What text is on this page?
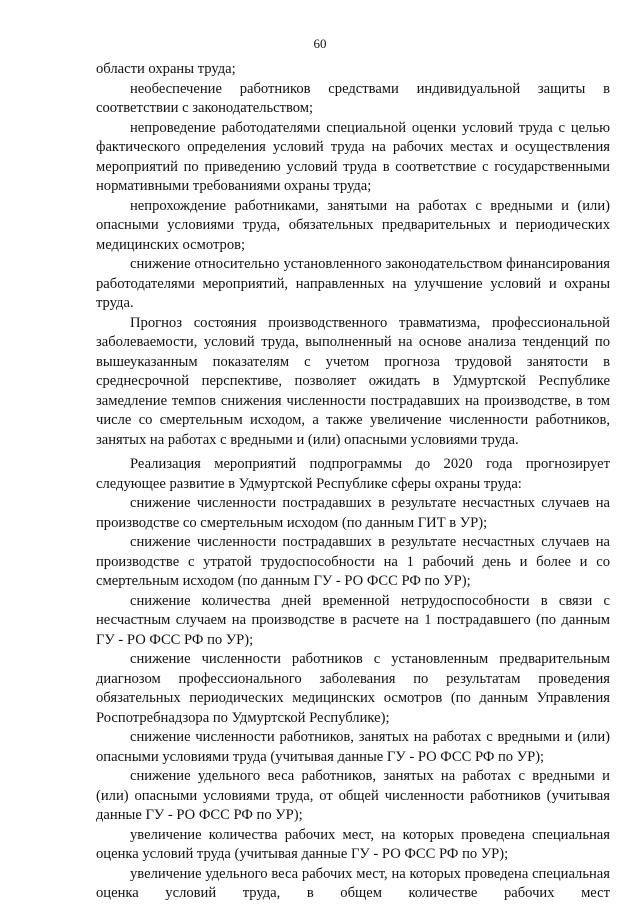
60

области охраны труда;

необеспечение работников средствами индивидуальной защиты в соответствии с законодательством;

непроведение работодателями специальной оценки условий труда с целью фактического определения условий труда на рабочих местах и осуществления мероприятий по приведению условий труда в соответствие с государственными нормативными требованиями охраны труда;

непрохождение работниками, занятыми на работах с вредными и (или) опасными условиями труда, обязательных предварительных и периодических медицинских осмотров;

снижение относительно установленного законодательством финансирования работодателями мероприятий, направленных на улучшение условий и охраны труда.

Прогноз состояния производственного травматизма, профессиональной заболеваемости, условий труда, выполненный на основе анализа тенденций по вышеуказанным показателям с учетом прогноза трудовой занятости в среднесрочной перспективе, позволяет ожидать в Удмуртской Республике замедление темпов снижения численности пострадавших на производстве, в том числе со смертельным исходом, а также увеличение численности работников, занятых на работах с вредными и (или) опасными условиями труда.

Реализация мероприятий подпрограммы до 2020 года прогнозирует следующее развитие в Удмуртской Республике сферы охраны труда:

снижение численности пострадавших в результате несчастных случаев на производстве со смертельным исходом (по данным ГИТ в УР);

снижение численности пострадавших в результате несчастных случаев на производстве с утратой трудоспособности на 1 рабочий день и более и со смертельным исходом (по данным ГУ - РО ФСС РФ по УР);

снижение количества дней временной нетрудоспособности в связи с несчастным случаем на производстве в расчете на 1 пострадавшего (по данным ГУ - РО ФСС РФ по УР);

снижение численности работников с установленным предварительным диагнозом профессионального заболевания по результатам проведения обязательных периодических медицинских осмотров (по данным Управления Роспотребнадзора по Удмуртской Республике);

снижение численности работников, занятых на работах с вредными и (или) опасными условиями труда (учитывая данные ГУ - РО ФСС РФ по УР);

снижение удельного веса работников, занятых на работах с вредными и (или) опасными условиями труда, от общей численности работников (учитывая данные ГУ - РО ФСС РФ по УР);

увеличение количества рабочих мест, на которых проведена специальная оценка условий труда (учитывая данные ГУ - РО ФСС РФ по УР);

увеличение удельного веса рабочих мест, на которых проведена специальная оценка условий труда, в общем количестве рабочих мест
